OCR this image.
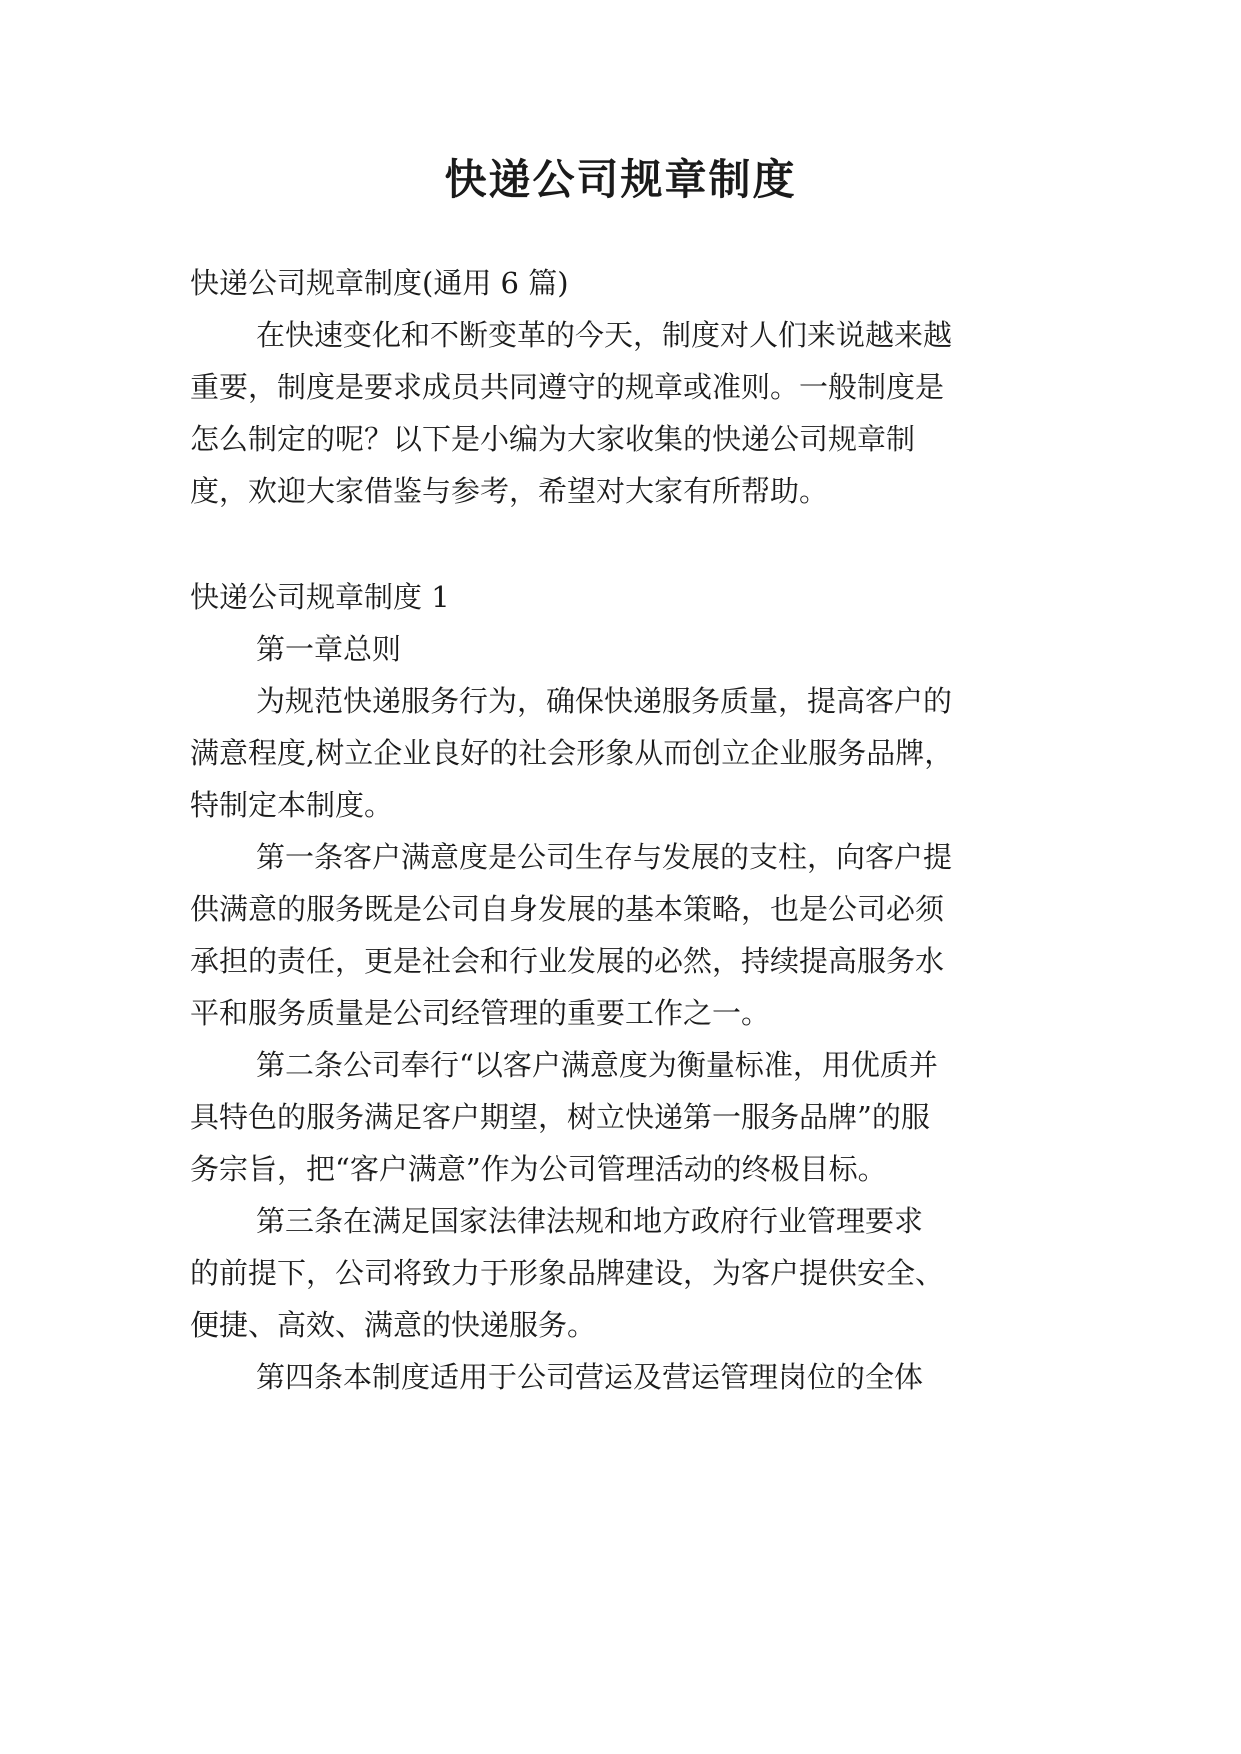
快递公司规章制度

快递公司规章制度(通用 6 篇)

在快速变化和不断变革的今天，制度对人们来说越来越

重要，制度是要求成员共同遵守的规章或准则。一般制度是

怎么制定的呢？以下是小编为大家收集的快递公司规章制

度，欢迎大家借鉴与参考，希望对大家有所帮助。

快递公司规章制度 1

第一章总则

为规范快递服务行为，确保快递服务质量，提高客户的

满意程度,树立企业良好的社会形象从而创立企业服务品牌，

特制定本制度。

第一条客户满意度是公司生存与发展的支柱，向客户提

供满意的服务既是公司自身发展的基本策略，也是公司必须

承担的责任，更是社会和行业发展的必然，持续提高服务水

平和服务质量是公司经管理的重要工作之一。

第二条公司奉行“以客户满意度为衡量标准，用优质并

具特色的服务满足客户期望，树立快递第一服务品牌”的服

务宗旨，把“客户满意”作为公司管理活动的终极目标。

第三条在满足国家法律法规和地方政府行业管理要求

的前提下，公司将致力于形象品牌建设，为客户提供安全、

便捷、高效、满意的快递服务。

第四条本制度适用于公司营运及营运管理岗位的全体
